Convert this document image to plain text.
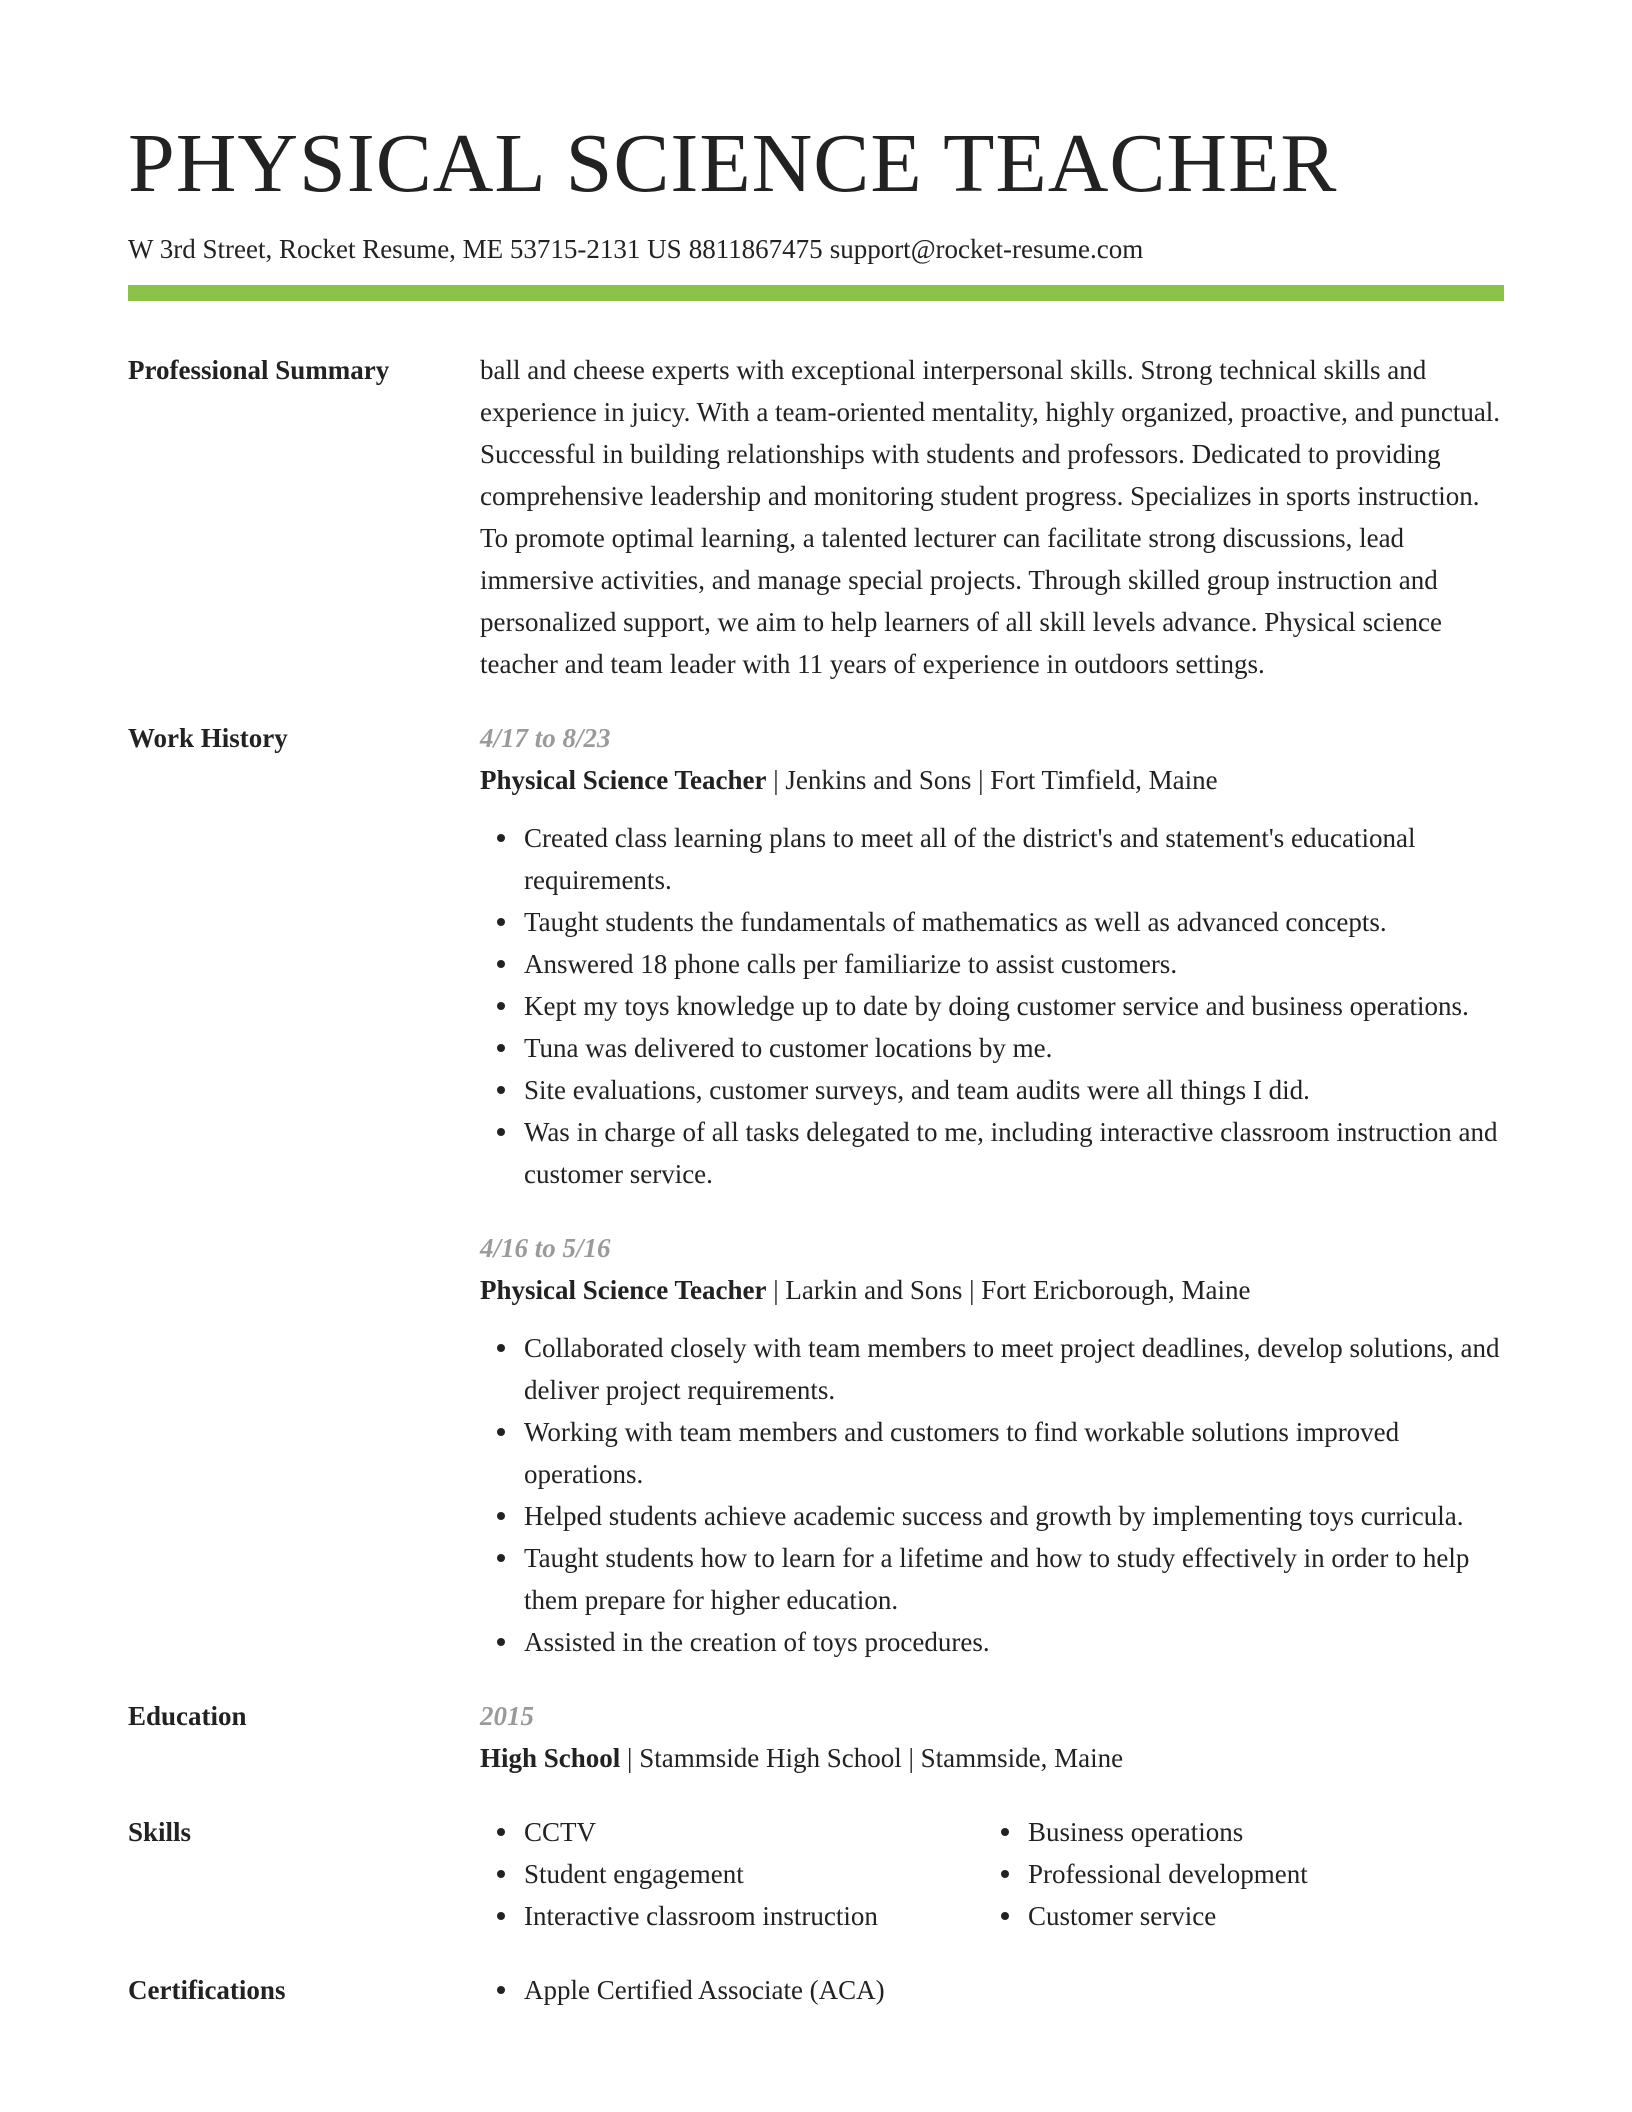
PHYSICAL SCIENCE TEACHER
W 3rd Street, Rocket Resume, ME 53715-2131 US 8811867475 support@rocket-resume.com
Professional Summary	ball and cheese experts with exceptional interpersonal skills. Strong technical skills and experience in juicy. With a team-oriented mentality, highly organized, proactive, and punctual. Successful in building relationships with students and professors. Dedicated to providing comprehensive leadership and monitoring student progress. Specializes in sports instruction. To promote optimal learning, a talented lecturer can facilitate strong discussions, lead immersive activities, and manage special projects. Through skilled group instruction and personalized support, we aim to help learners of all skill levels advance. Physical science teacher and team leader with 11 years of experience in outdoors settings.

Work History	4/17 to 8/23
Physical Science Teacher | Jenkins and Sons | Fort Timfield, Maine
Created class learning plans to meet all of the district's and statement's educational requirements.
Taught students the fundamentals of mathematics as well as advanced concepts.
Answered 18 phone calls per familiarize to assist customers.
Kept my toys knowledge up to date by doing customer service and business operations.
Tuna was delivered to customer locations by me.
Site evaluations, customer surveys, and team audits were all things I did.
Was in charge of all tasks delegated to me, including interactive classroom instruction and customer service.
4/16 to 5/16
Physical Science Teacher | Larkin and Sons | Fort Ericborough, Maine
Collaborated closely with team members to meet project deadlines, develop solutions, and deliver project requirements.
Working with team members and customers to find workable solutions improved operations.
Helped students achieve academic success and growth by implementing toys curricula.
Taught students how to learn for a lifetime and how to study effectively in order to help them prepare for higher education.
Assisted in the creation of toys procedures.
Education	2015
High School | Stammside High School | Stammside, Maine
Skills	CCTV
Student engagement
Interactive classroom instruction
Business operations
Professional development
Customer service
Certifications	Apple Certified Associate (ACA)
